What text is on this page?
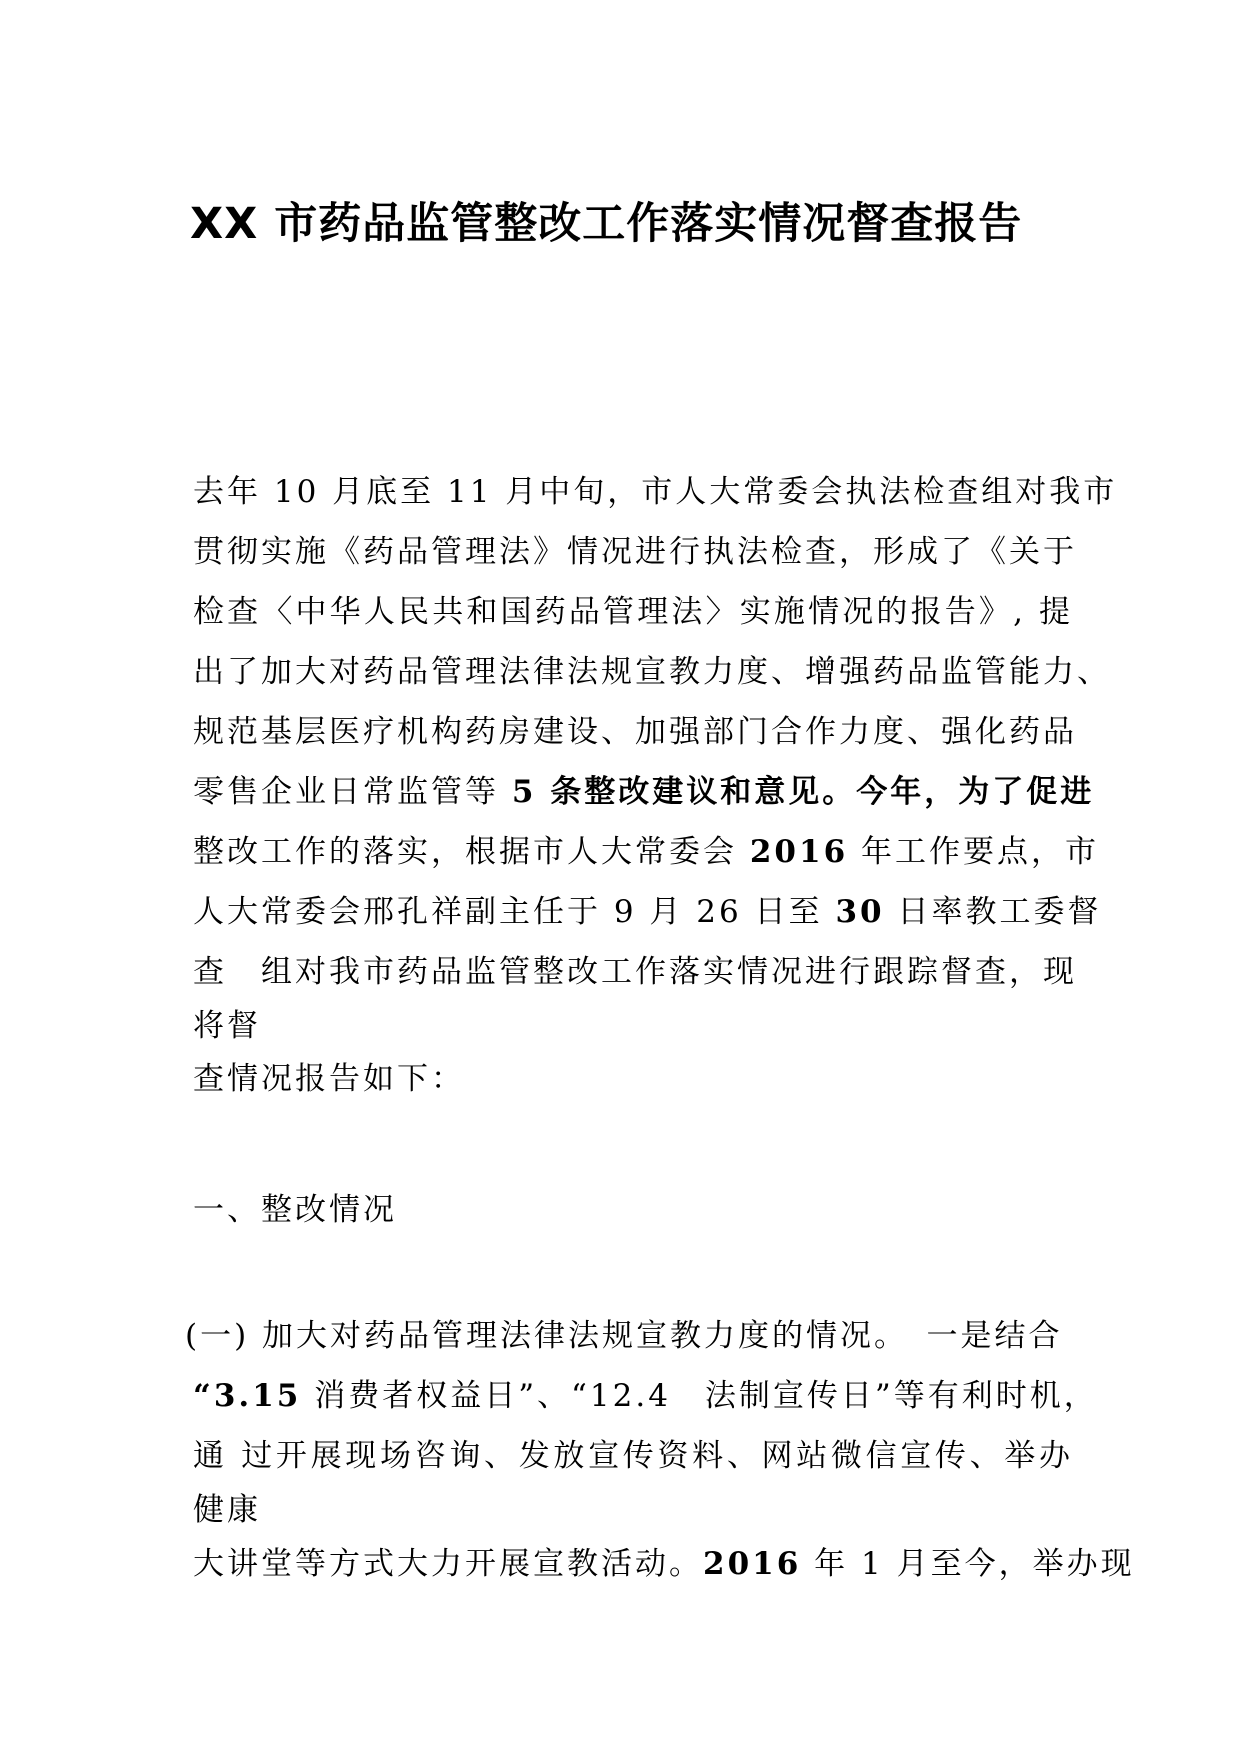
XX 市药品监管整改工作落实情况督查报告
去年 10 月底至 11 月中旬，市人大常委会执法检查组对我市
贯彻实施《药品管理法》情况进行执法检查，形成了《关于
检查〈中华人民共和国药品管理法〉实施情况的报告》, 提
出了加大对药品管理法律法规宣教力度、增强药品监管能力、
规范基层医疗机构药房建设、加强部门合作力度、强化药品
零售企业日常监管等 5 条整改建议和意见。今年，为了促进
整改工作的落实，根据市人大常委会 2016 年工作要点，市
人大常委会邢孔祥副主任于 9 月 26 日至 30 日率教工委督
查　组对我市药品监管整改工作落实情况进行跟踪督查，现
将督
查情况报告如下：
一、整改情况
(一) 加大对药品管理法律法规宣教力度的情况。　一是结合
“3.15 消费者权益日”、“12.4　法制宣传日”等有利时机，
通 过开展现场咨询、发放宣传资料、网站微信宣传、举办
健康
大讲堂等方式大力开展宣教活动。2016 年 1 月至今，举办现
